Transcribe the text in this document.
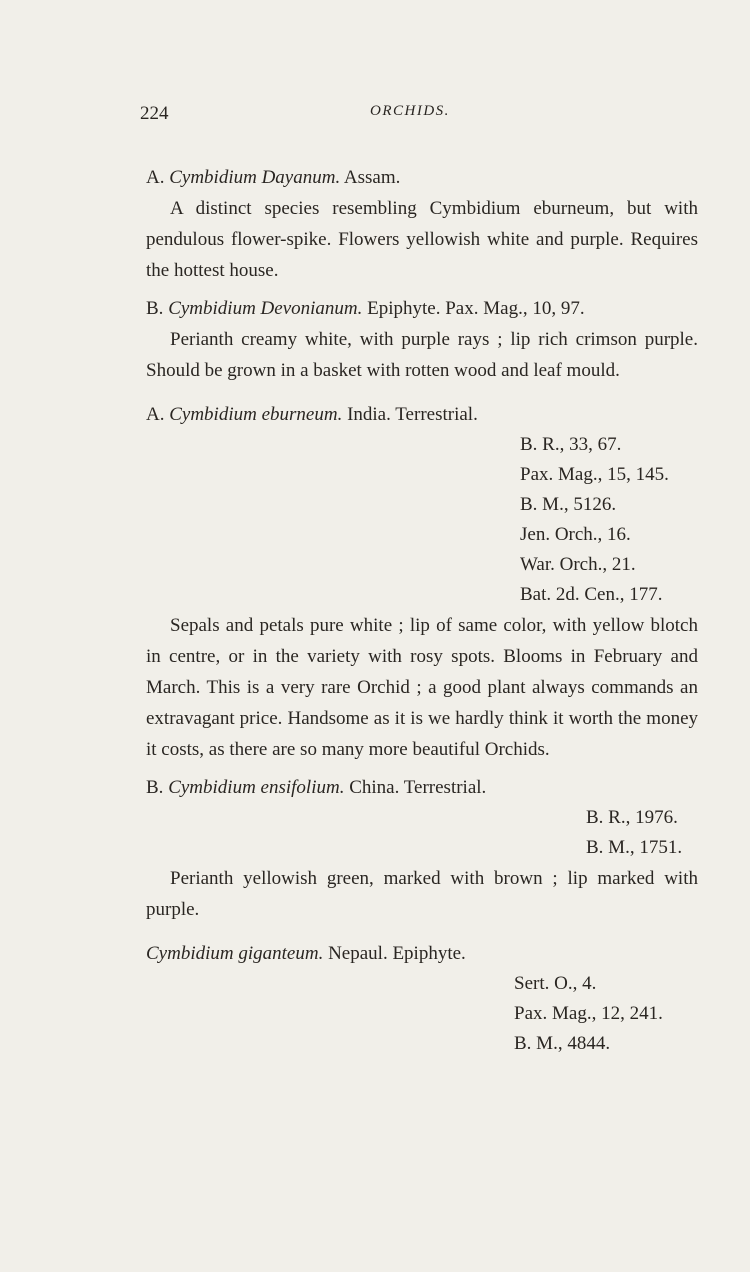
224	ORCHIDS.
A. Cymbidium Dayanum. Assam.
A distinct species resembling Cymbidium eburneum, but with pendulous flower-spike. Flowers yellowish white and purple. Requires the hottest house.
B. Cymbidium Devonianum. Epiphyte. Pax. Mag., 10, 97.
Perianth creamy white, with purple rays ; lip rich crimson purple. Should be grown in a basket with rotten wood and leaf mould.
A. Cymbidium eburneum. India. Terrestrial.
B. R., 33, 67.
Pax. Mag., 15, 145.
B. M., 5126.
Jen. Orch., 16.
War. Orch., 21.
Bat. 2d. Cen., 177.
Sepals and petals pure white ; lip of same color, with yellow blotch in centre, or in the variety with rosy spots. Blooms in February and March. This is a very rare Orchid ; a good plant always commands an extravagant price. Handsome as it is we hardly think it worth the money it costs, as there are so many more beautiful Orchids.
B. Cymbidium ensifolium. China. Terrestrial.
B. R., 1976.
B. M., 1751.
Perianth yellowish green, marked with brown ; lip marked with purple.
Cymbidium giganteum. Nepaul. Epiphyte.
Sert. O., 4.
Pax. Mag., 12, 241.
B. M., 4844.
